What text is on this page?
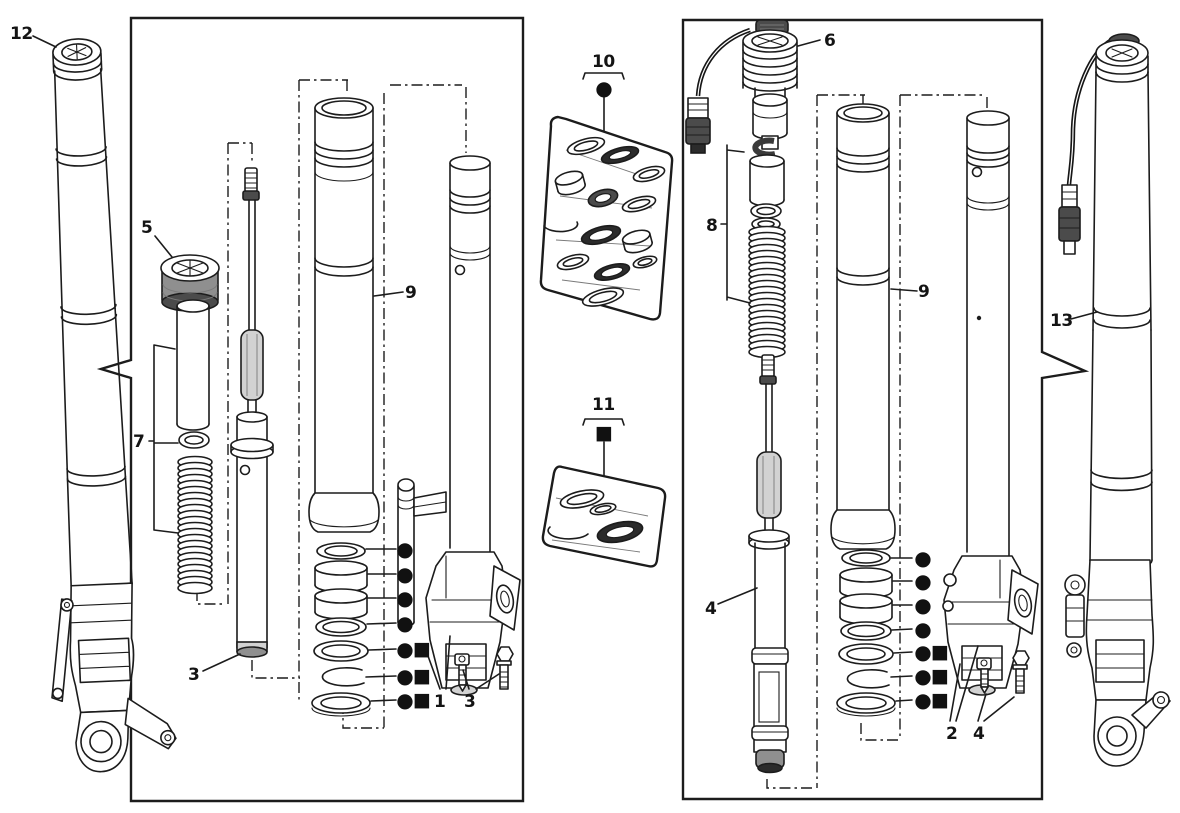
12
5
7
3
9
1 3
10
11
6
8
4
9
2 4
13
●
■
●
●
●
●
● ■
● ■
● ■
●
●
●
●
● ■
● ■
● ■
